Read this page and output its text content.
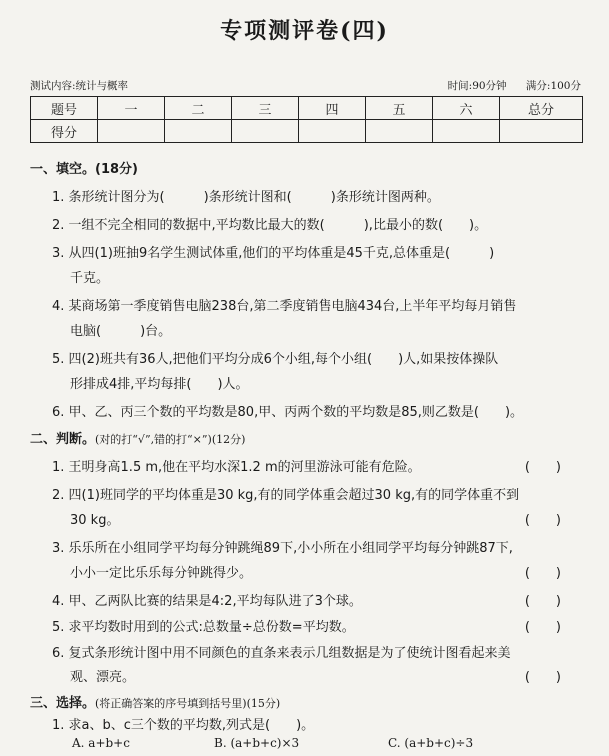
专项测评卷(四)
测试内容:统计与概率	时间:90分钟 满分:100分
题号	一	二	三	四	五	六	总分
得分							
一、填空。(18分)
1. 条形统计图分为(　　　)条形统计图和(　　　)条形统计图两种。
2. 一组不完全相同的数据中,平均数比最大的数(　　　),比最小的数(　　)。
3. 从四(1)班抽9名学生测试体重,他们的平均体重是45千克,总体重是(　　　)
千克。
4. 某商场第一季度销售电脑238台,第二季度销售电脑434台,上半年平均每月销售
电脑(　　　)台。
5. 四(2)班共有36人,把他们平均分成6个小组,每个小组(　　)人,如果按体操队
形排成4排,平均每排(　　)人。
6. 甲、乙、丙三个数的平均数是80,甲、丙两个数的平均数是85,则乙数是(　　)。
二、判断。(对的打“√”,错的打“×”)(12分)
1. 王明身高1.5 m,他在平均水深1.2 m的河里游泳可能有危险。	(　　)
2. 四(1)班同学的平均体重是30 kg,有的同学体重会超过30 kg,有的同学体重不到
30 kg。	(　　)
3. 乐乐所在小组同学平均每分钟跳绳89下,小小所在小组同学平均每分钟跳87下,
小小一定比乐乐每分钟跳得少。	(　　)
4. 甲、乙两队比赛的结果是4:2,平均每队进了3个球。	(　　)
5. 求平均数时用到的公式:总数量÷总份数=平均数。	(　　)
6. 复式条形统计图中用不同颜色的直条来表示几组数据是为了使统计图看起来美
观、漂亮。	(　　)
三、选择。(将正确答案的序号填到括号里)(15分)
1. 求a、b、c三个数的平均数,列式是(　　)。
A. a+b+c	B. (a+b+c)×3	C. (a+b+c)÷3
